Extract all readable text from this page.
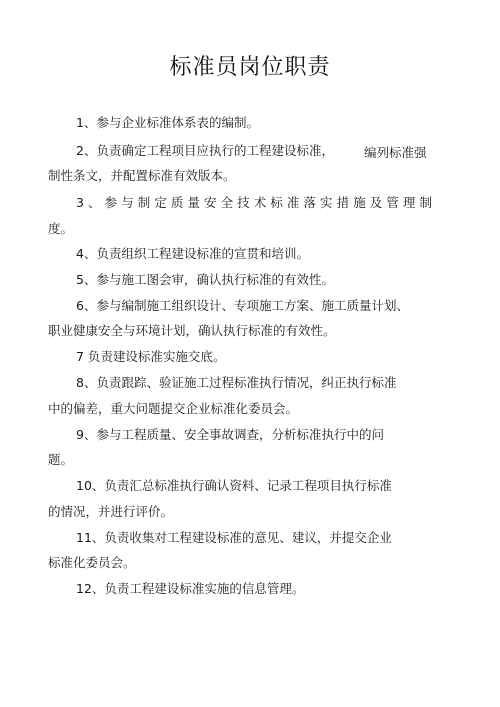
标准员岗位职责
1、参与企业标准体系表的编制。
2、负责确定工程项目应执行的工程建设标准， 编列标准强
制性条文，并配置标准有效版本。
3、参与制定质量安全技术标准落实措施及管理制
度。
4、负责组织工程建设标准的宣贯和培训。
5、参与施工图会审，确认执行标准的有效性。
6、参与编制施工组织设计、专项施工方案、施工质量计划、
职业健康安全与环境计划，确认执行标准的有效性。
7 负责建设标准实施交底。
8、负责跟踪、验证施工过程标准执行情况，纠正执行标准
中的偏差，重大问题提交企业标准化委员会。
9、参与工程质量、安全事故调查，分析标准执行中的问
题。
10、负责汇总标准执行确认资料、记录工程项目执行标准
的情况，并进行评价。
11、负责收集对工程建设标准的意见、建议，并提交企业
标准化委员会。
12、负责工程建设标准实施的信息管理。
